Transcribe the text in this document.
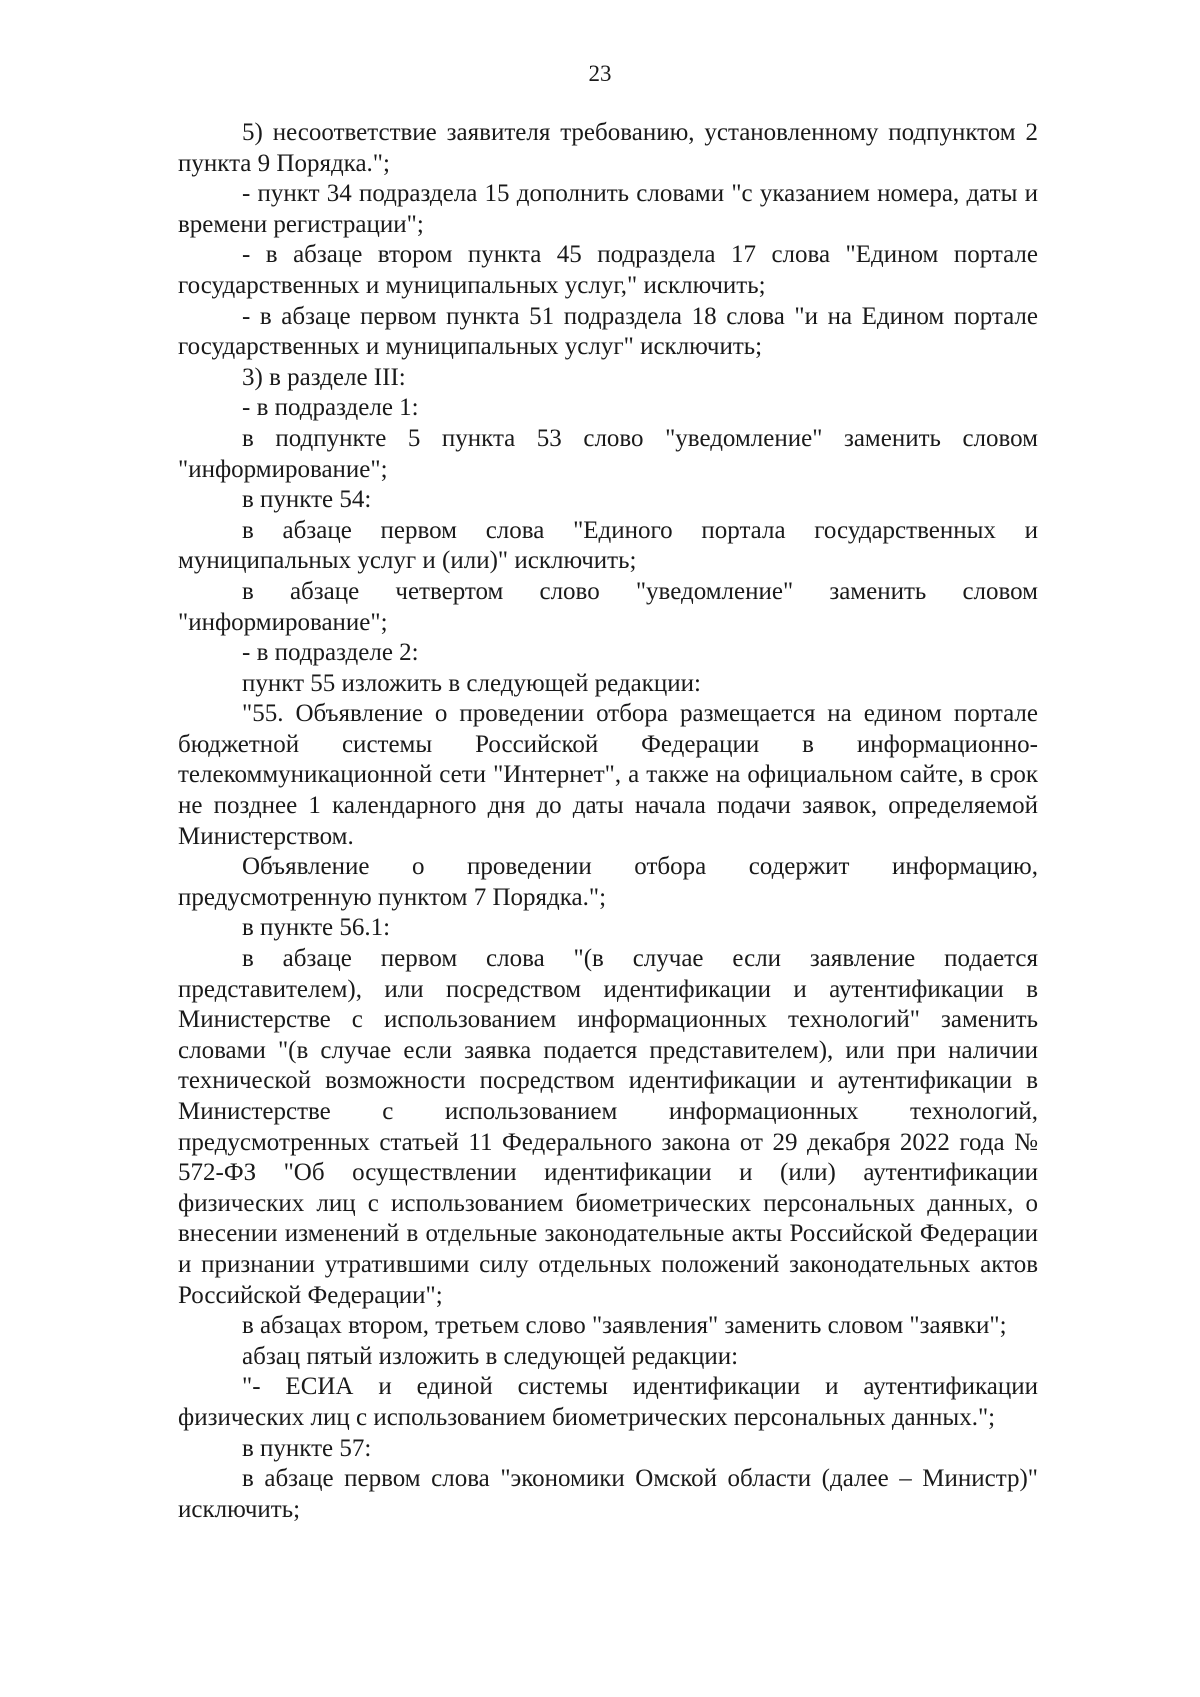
23

5) несоответствие заявителя требованию, установленному подпунктом 2 пункта 9 Порядка.";

- пункт 34 подраздела 15 дополнить словами "с указанием номера, даты и времени регистрации";

- в абзаце втором пункта 45 подраздела 17 слова "Едином портале государственных и муниципальных услуг," исключить;

- в абзаце первом пункта 51 подраздела 18 слова "и на Едином портале государственных и муниципальных услуг" исключить;

3) в разделе III:

- в подразделе 1:

в подпункте 5 пункта 53 слово "уведомление" заменить словом "информирование";

в пункте 54:

в абзаце первом слова "Единого портала государственных и муниципальных услуг и (или)" исключить;

в абзаце четвертом слово "уведомление" заменить словом "информирование";

- в подразделе 2:

пункт 55 изложить в следующей редакции:

"55. Объявление о проведении отбора размещается на едином портале бюджетной системы Российской Федерации в информационно-телекоммуникационной сети "Интернет", а также на официальном сайте, в срок не позднее 1 календарного дня до даты начала подачи заявок, определяемой Министерством.

Объявление о проведении отбора содержит информацию, предусмотренную пунктом 7 Порядка.";

в пункте 56.1:

в абзаце первом слова "(в случае если заявление подается представителем), или посредством идентификации и аутентификации в Министерстве с использованием информационных технологий" заменить словами "(в случае если заявка подается представителем), или при наличии технической возможности посредством идентификации и аутентификации в Министерстве с использованием информационных технологий, предусмотренных статьей 11 Федерального закона от 29 декабря 2022 года № 572-ФЗ "Об осуществлении идентификации и (или) аутентификации физических лиц с использованием биометрических персональных данных, о внесении изменений в отдельные законодательные акты Российской Федерации и признании утратившими силу отдельных положений законодательных актов Российской Федерации";

в абзацах втором, третьем слово "заявления" заменить словом "заявки";

абзац пятый изложить в следующей редакции:

"- ЕСИА и единой системы идентификации и аутентификации физических лиц с использованием биометрических персональных данных.";

в пункте 57:

в абзаце первом слова "экономики Омской области (далее – Министр)" исключить;
